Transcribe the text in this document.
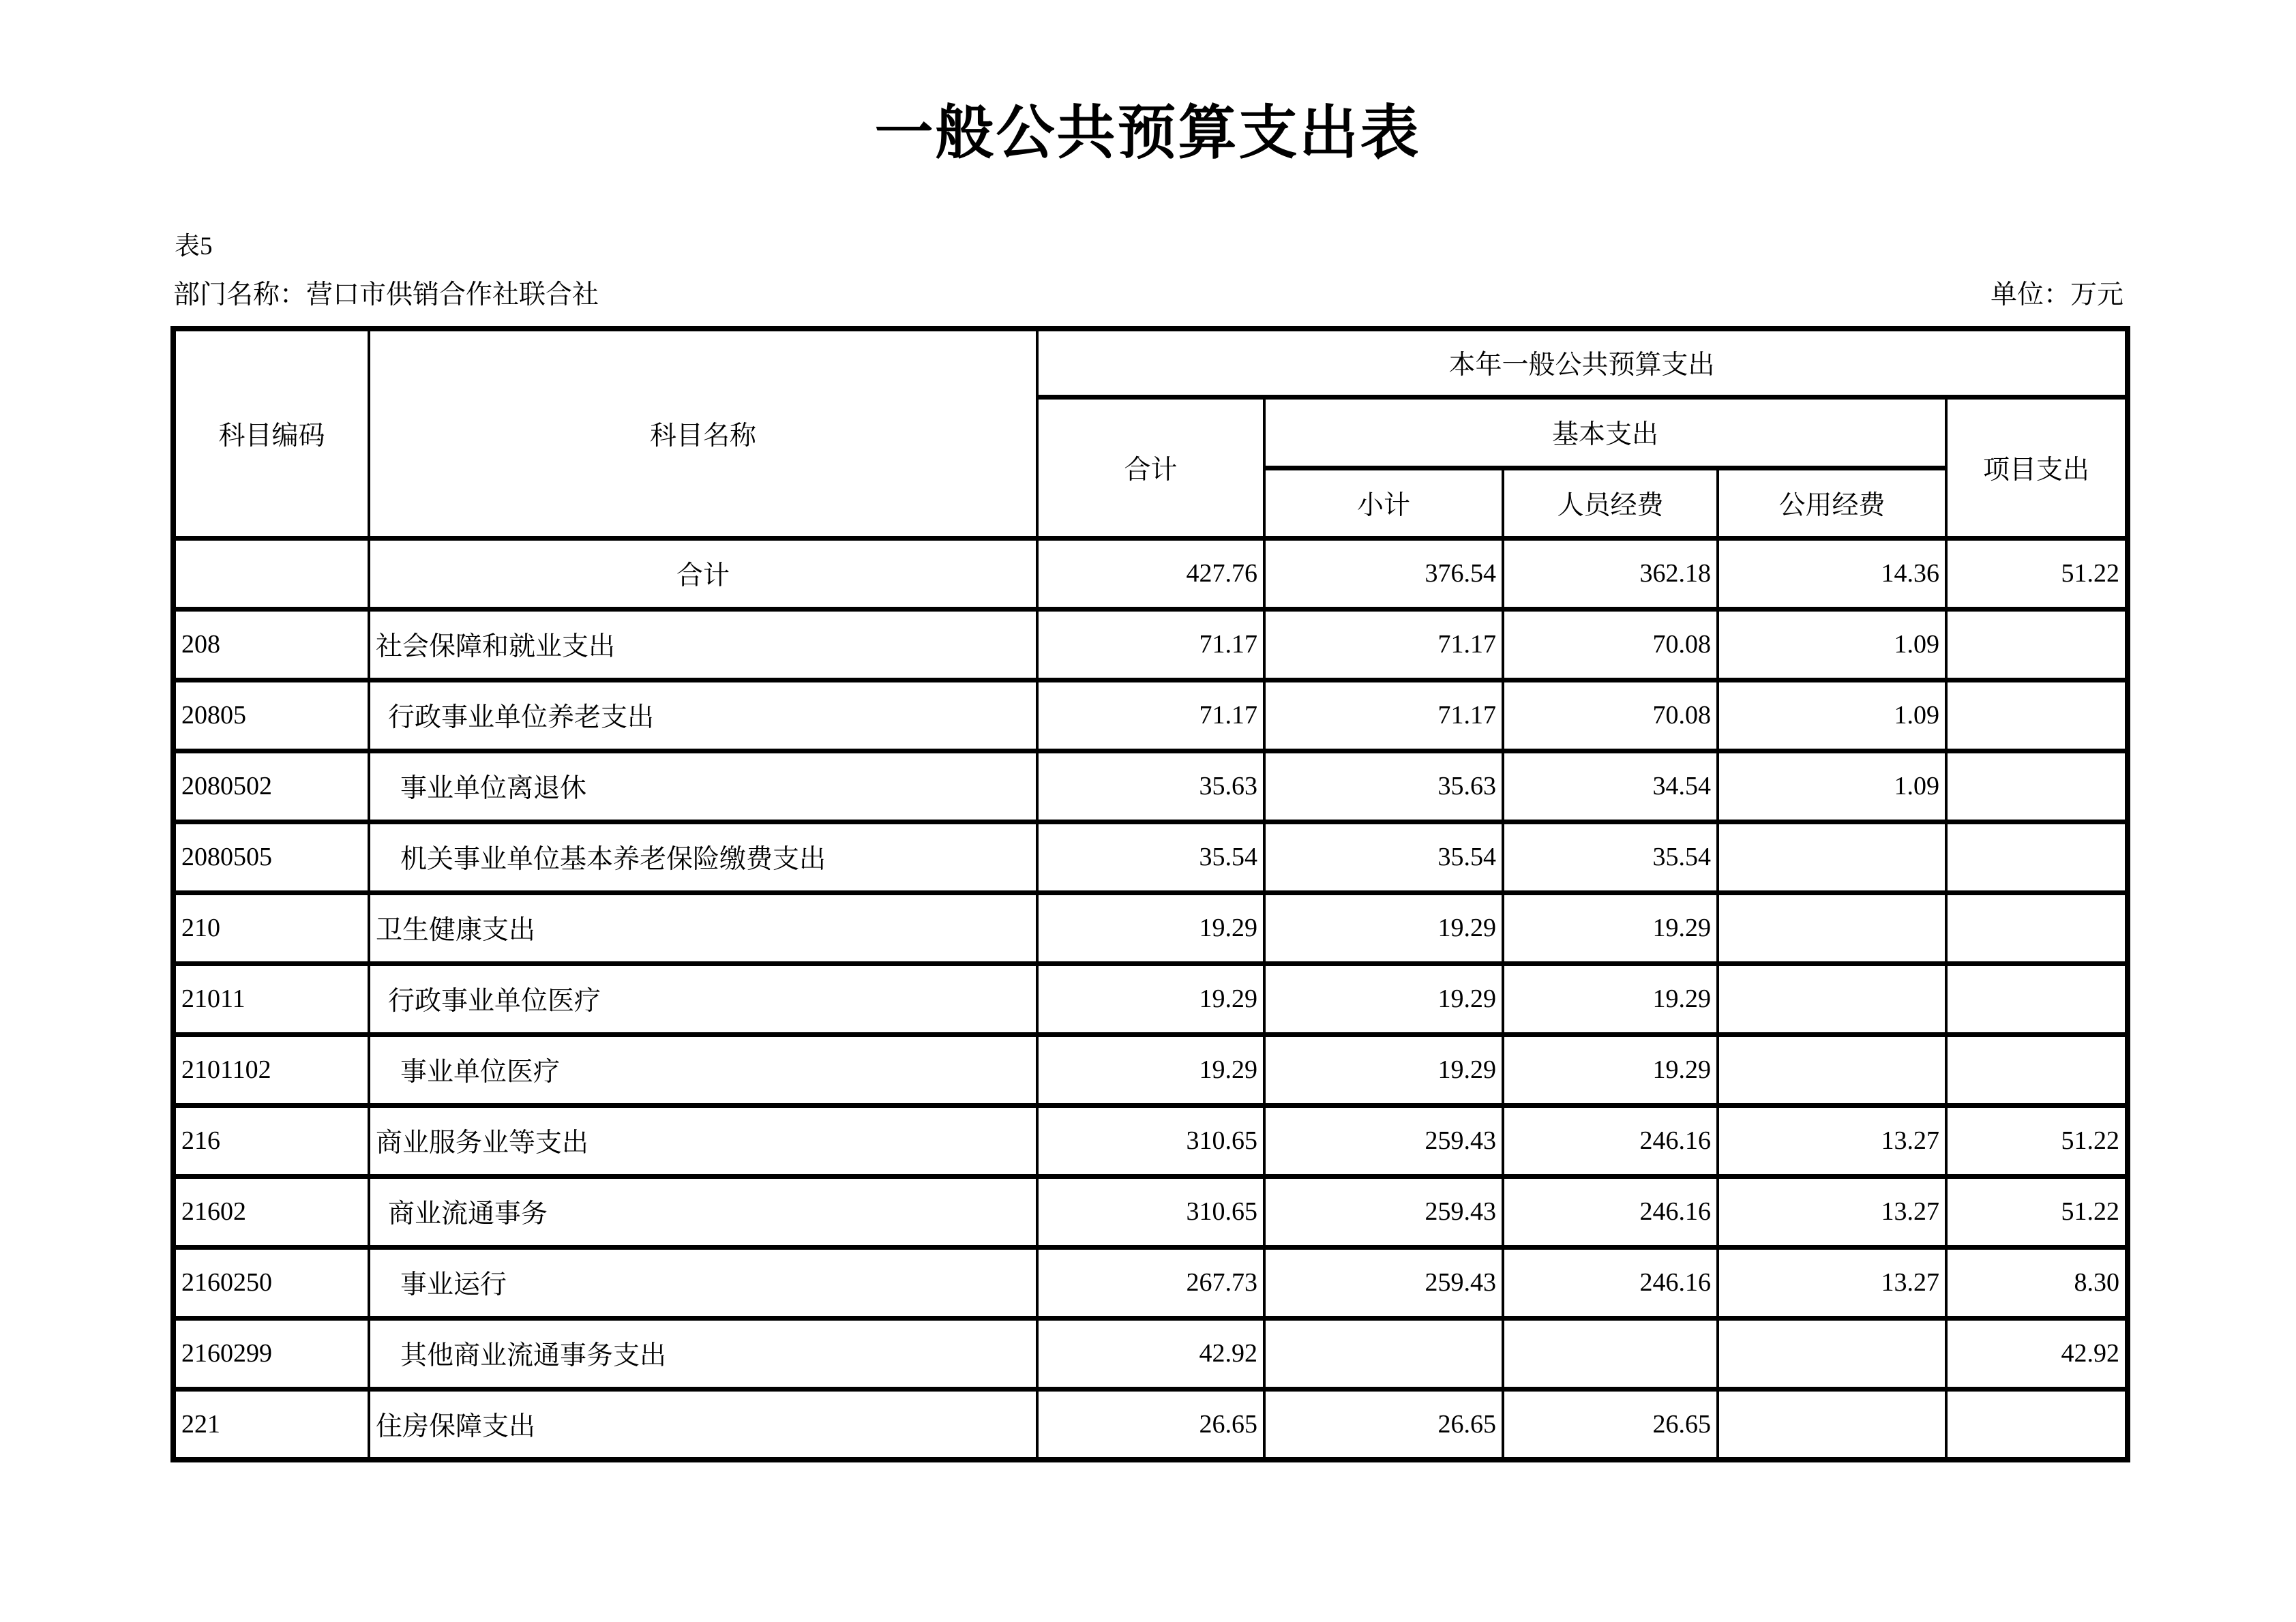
一般公共预算支出表
表5
部门名称：营口市供销合作社联合社	单位：万元
科目编码	科目名称	本年一般公共预算支出				
		合计	基本支出			项目支出
			小计	人员经费	公用经费	
	合计	427.76	376.54	362.18	14.36	51.22
208	社会保障和就业支出	71.17	71.17	70.08	1.09	
20805	行政事业单位养老支出	71.17	71.17	70.08	1.09	
2080502	事业单位离退休	35.63	35.63	34.54	1.09	
2080505	机关事业单位基本养老保险缴费支出	35.54	35.54	35.54		
210	卫生健康支出	19.29	19.29	19.29		
21011	行政事业单位医疗	19.29	19.29	19.29		
2101102	事业单位医疗	19.29	19.29	19.29		
216	商业服务业等支出	310.65	259.43	246.16	13.27	51.22
21602	商业流通事务	310.65	259.43	246.16	13.27	51.22
2160250	事业运行	267.73	259.43	246.16	13.27	8.30
2160299	其他商业流通事务支出	42.92				42.92
221	住房保障支出	26.65	26.65	26.65		
